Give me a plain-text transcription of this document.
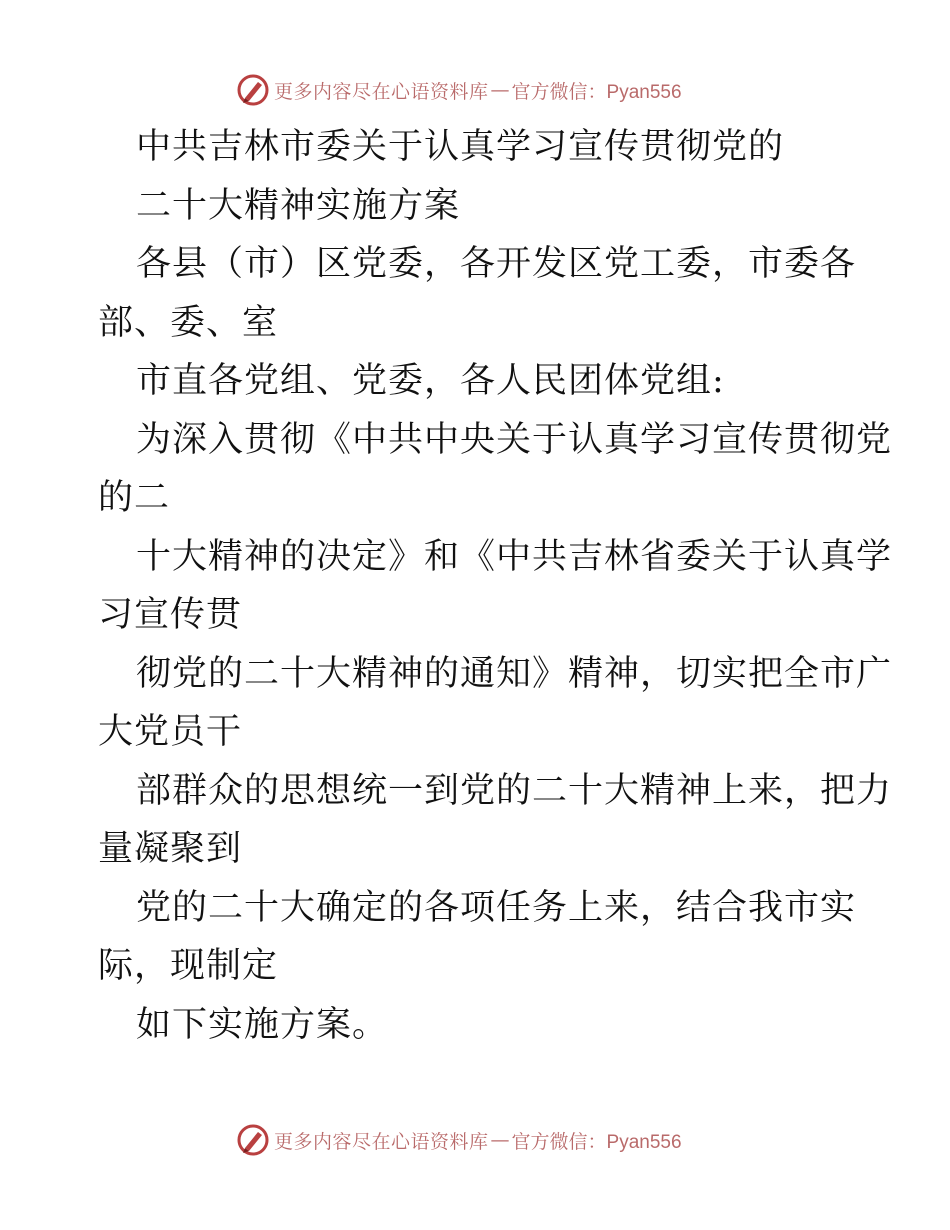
更多内容尽在心语资料库 — 官方微信：Pyan556
中共吉林市委关于认真学习宣传贯彻党的
二十大精神实施方案
各县（市）区党委，各开发区党工委，市委各
部、委、室
市直各党组、党委，各人民团体党组:
为深入贯彻《中共中央关于认真学习宣传贯彻党
的二
十大精神的决定》和《中共吉林省委关于认真学
习宣传贯
彻党的二十大精神的通知》精神，切实把全市广
大党员干
部群众的思想统一到党的二十大精神上来，把力
量凝聚到
党的二十大确定的各项任务上来，结合我市实
际，现制定
如下实施方案。
更多内容尽在心语资料库 — 官方微信：Pyan556
